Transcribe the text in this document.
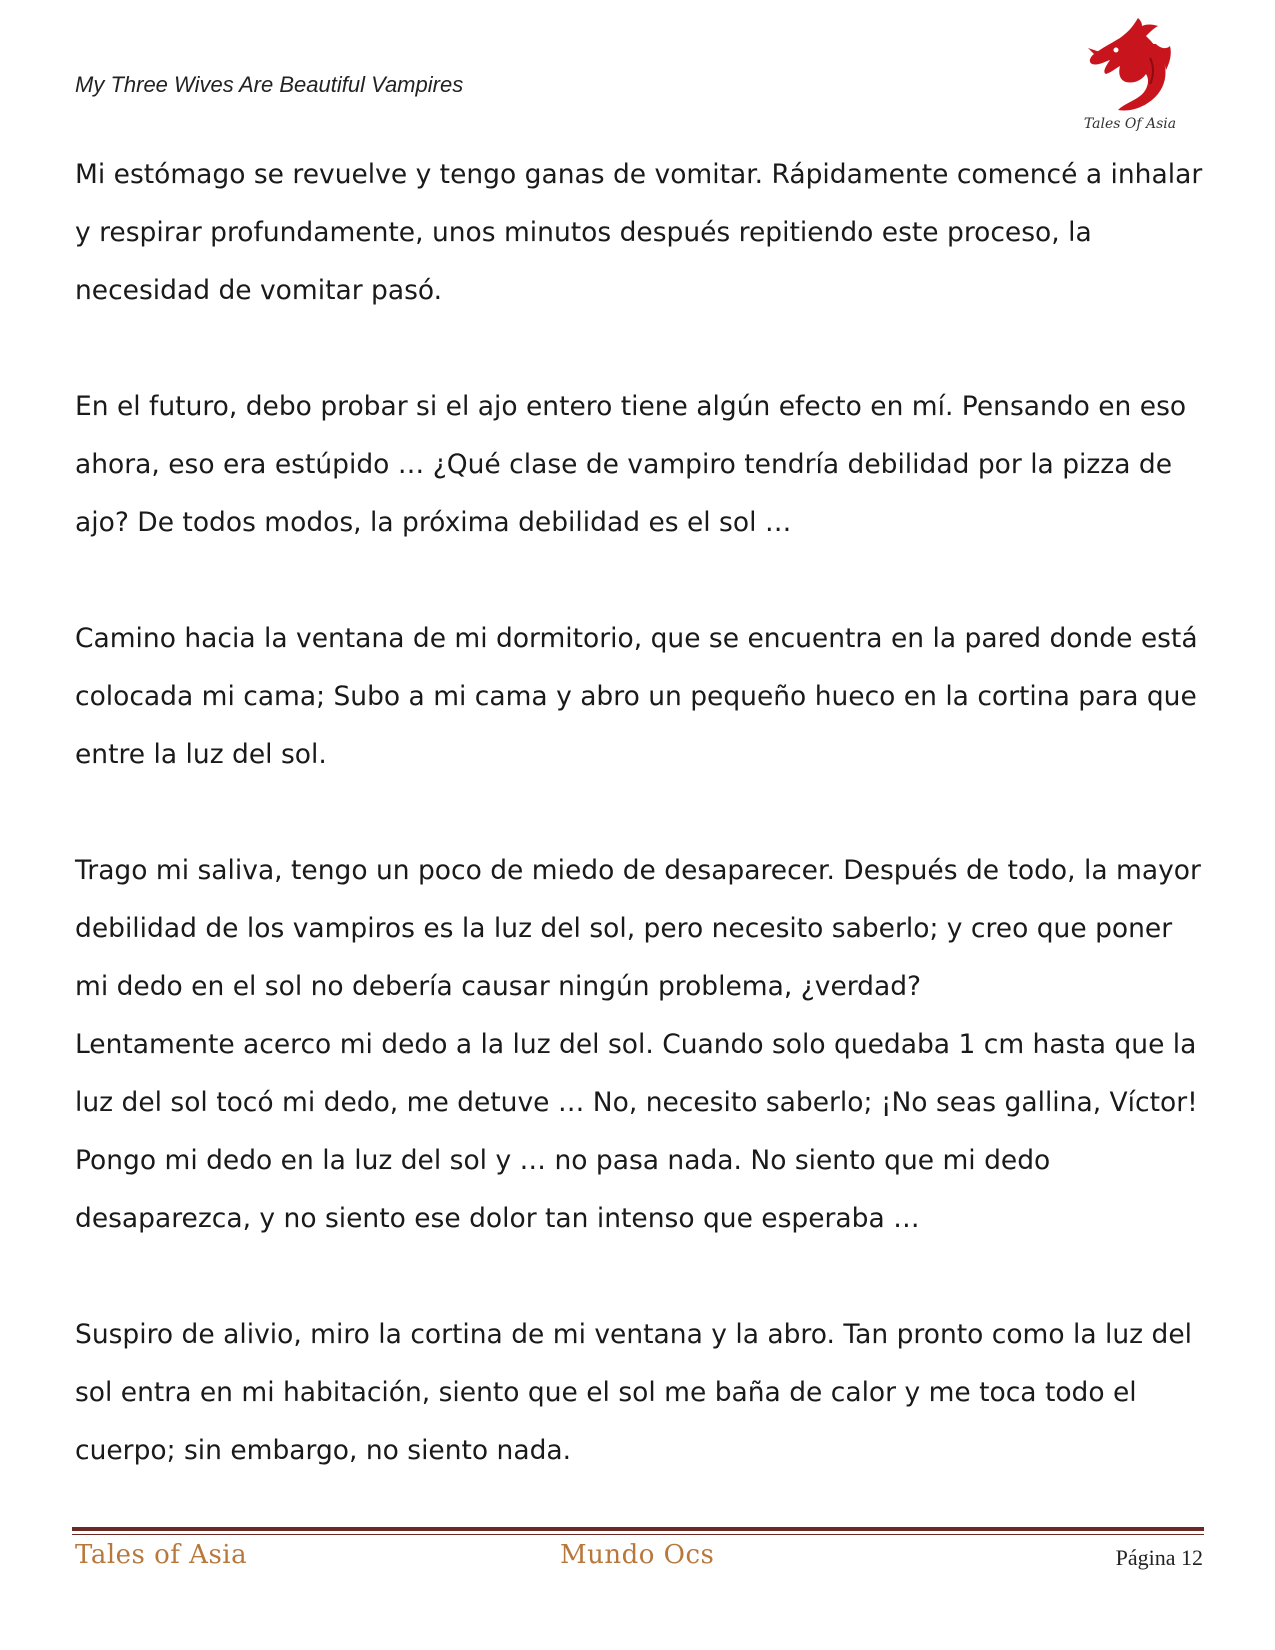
My Three Wives Are Beautiful Vampires
Tales Of Asia

Mi estómago se revuelve y tengo ganas de vomitar. Rápidamente comencé a inhalar y respirar profundamente, unos minutos después repitiendo este proceso, la necesidad de vomitar pasó.

En el futuro, debo probar si el ajo entero tiene algún efecto en mí. Pensando en eso ahora, eso era estúpido … ¿Qué clase de vampiro tendría debilidad por la pizza de ajo? De todos modos, la próxima debilidad es el sol …

Camino hacia la ventana de mi dormitorio, que se encuentra en la pared donde está colocada mi cama; Subo a mi cama y abro un pequeño hueco en la cortina para que entre la luz del sol.

Trago mi saliva, tengo un poco de miedo de desaparecer. Después de todo, la mayor debilidad de los vampiros es la luz del sol, pero necesito saberlo; y creo que poner mi dedo en el sol no debería causar ningún problema, ¿verdad?

Lentamente acerco mi dedo a la luz del sol. Cuando solo quedaba 1 cm hasta que la luz del sol tocó mi dedo, me detuve … No, necesito saberlo; ¡No seas gallina, Víctor!

Pongo mi dedo en la luz del sol y … no pasa nada. No siento que mi dedo desaparezca, y no siento ese dolor tan intenso que esperaba …

Suspiro de alivio, miro la cortina de mi ventana y la abro. Tan pronto como la luz del sol entra en mi habitación, siento que el sol me baña de calor y me toca todo el cuerpo; sin embargo, no siento nada.

Tales of Asia	Mundo Ocs	Página 12
